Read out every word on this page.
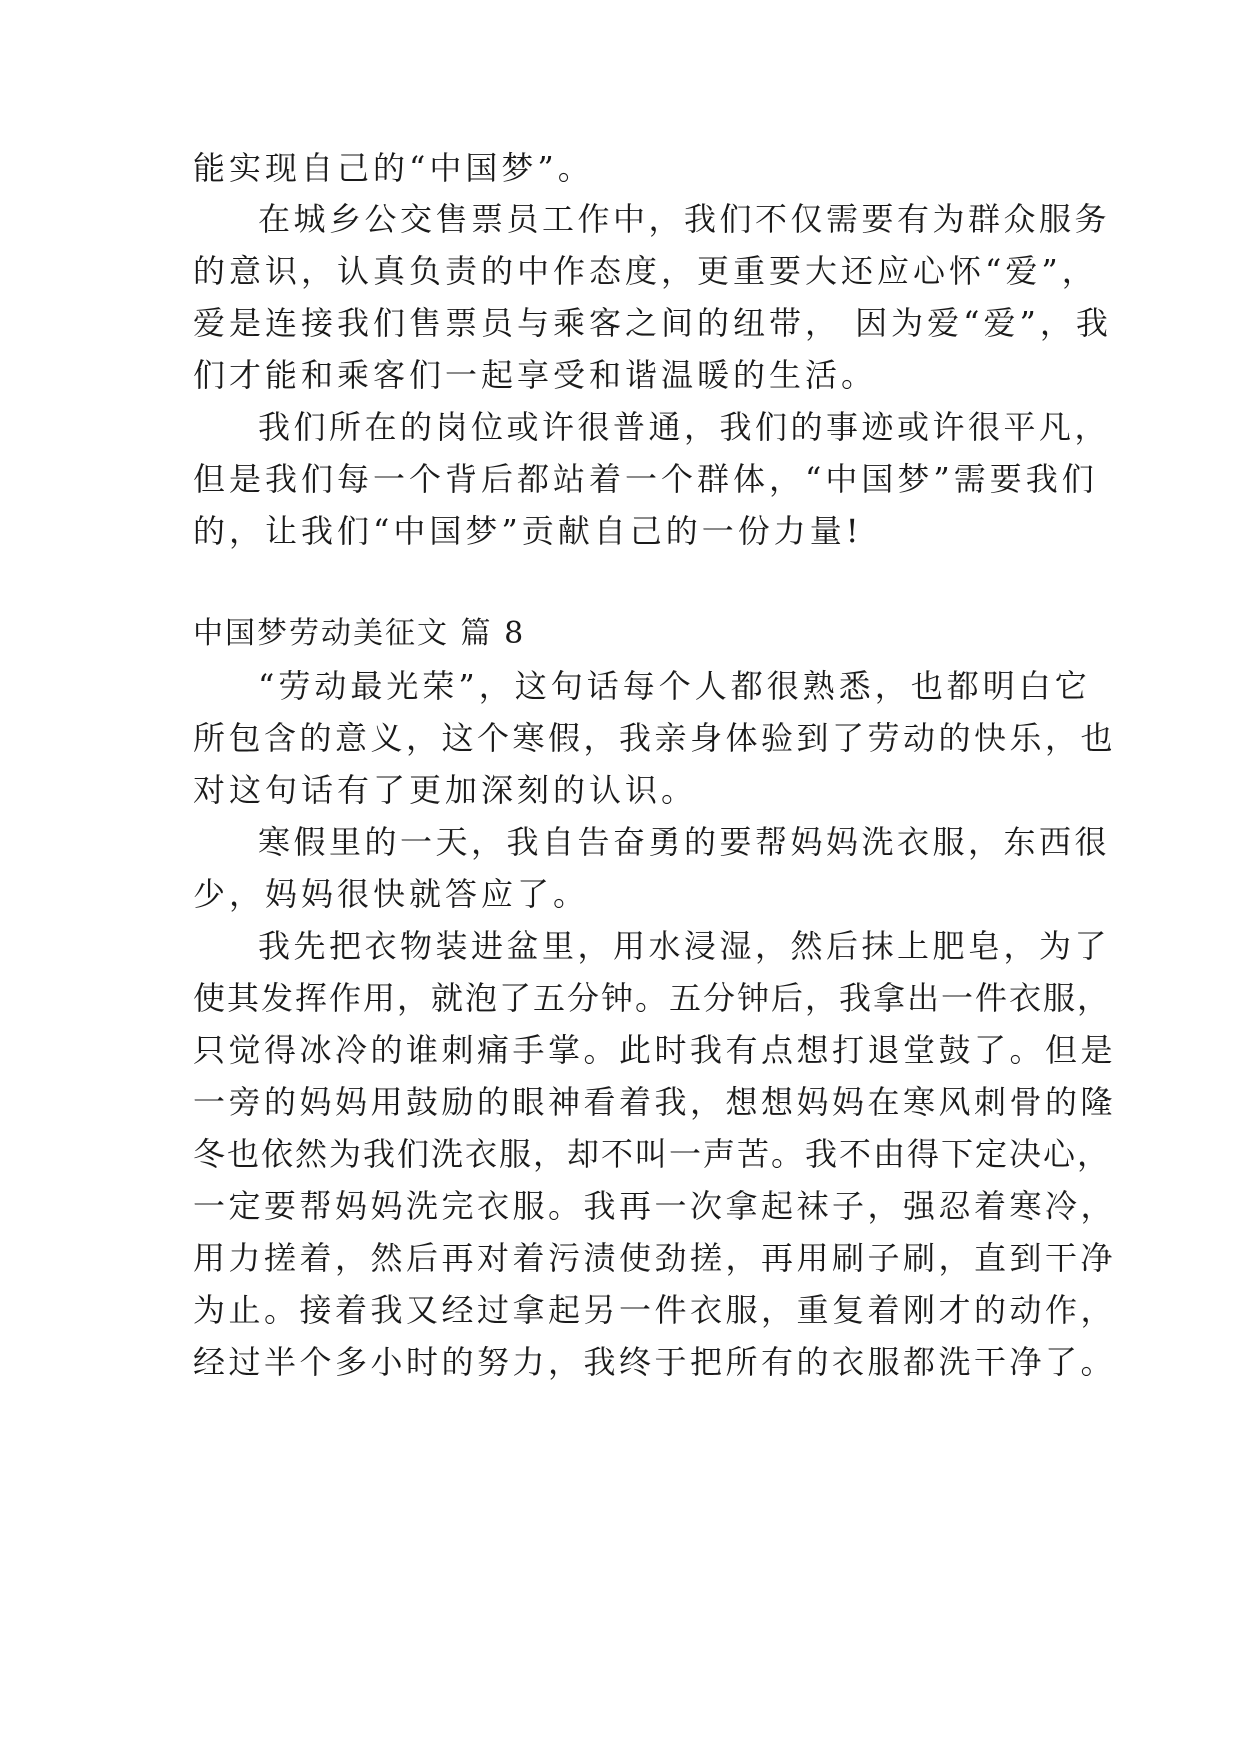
能实现自己的“中国梦”。
在城乡公交售票员工作中，我们不仅需要有为群众服务
的意识，认真负责的中作态度，更重要大还应心怀“爱”，
爱是连接我们售票员与乘客之间的纽带， 因为爱“爱”，我
们才能和乘客们一起享受和谐温暖的生活。
我们所在的岗位或许很普通，我们的事迹或许很平凡，
但是我们每一个背后都站着一个群体，“中国梦”需要我们
的，让我们“中国梦”贡献自己的一份力量!
中国梦劳动美征文 篇 8
“劳动最光荣”，这句话每个人都很熟悉，也都明白它
所包含的意义，这个寒假，我亲身体验到了劳动的快乐，也
对这句话有了更加深刻的认识。
寒假里的一天，我自告奋勇的要帮妈妈洗衣服，东西很
少，妈妈很快就答应了。
我先把衣物装进盆里，用水浸湿，然后抹上肥皂，为了
使其发挥作用，就泡了五分钟。五分钟后，我拿出一件衣服，
只觉得冰冷的谁刺痛手掌。此时我有点想打退堂鼓了。但是
一旁的妈妈用鼓励的眼神看着我，想想妈妈在寒风刺骨的隆
冬也依然为我们洗衣服，却不叫一声苦。我不由得下定决心，
一定要帮妈妈洗完衣服。我再一次拿起袜子，强忍着寒冷，
用力搓着，然后再对着污渍使劲搓，再用刷子刷，直到干净
为止。接着我又经过拿起另一件衣服，重复着刚才的动作，
经过半个多小时的努力，我终于把所有的衣服都洗干净了。
